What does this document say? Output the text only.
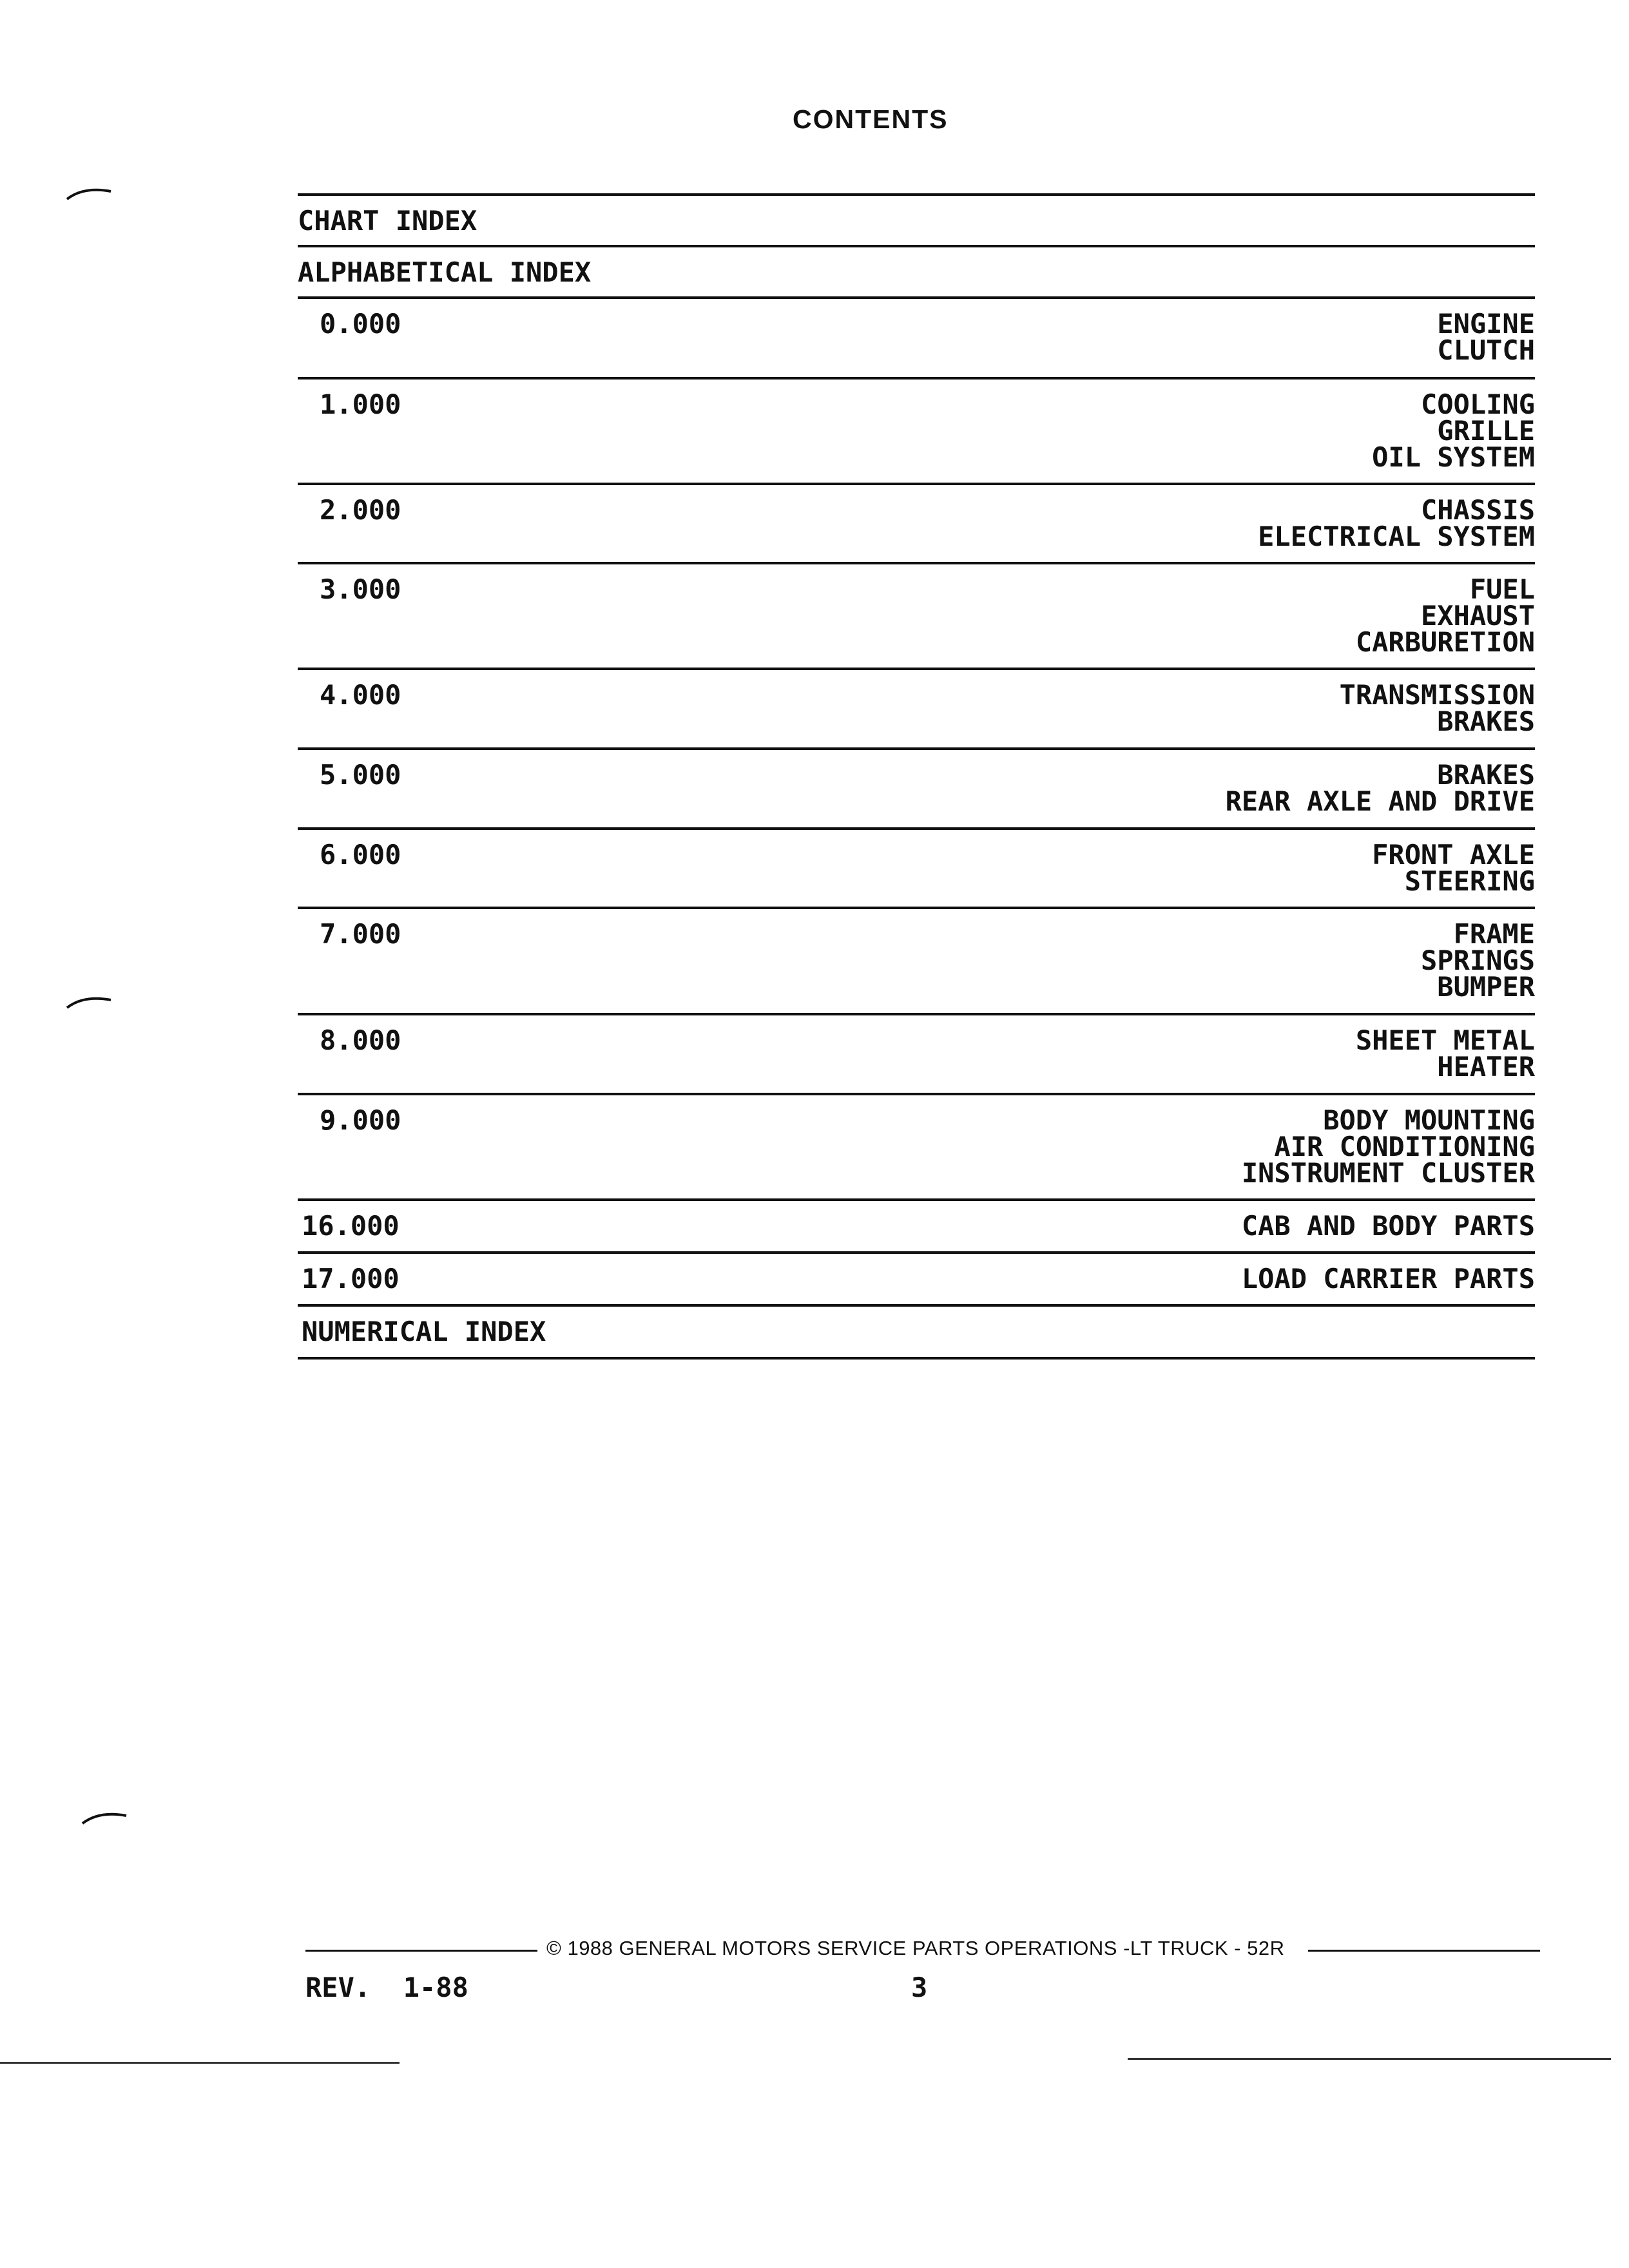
CONTENTS
CHART INDEX
ALPHABETICAL INDEX
0.000	ENGINE
CLUTCH
1.000	COOLING
GRILLE
OIL SYSTEM
2.000	CHASSIS
ELECTRICAL SYSTEM
3.000	FUEL
EXHAUST
CARBURETION
4.000	TRANSMISSION
BRAKES
5.000	BRAKES
REAR AXLE AND DRIVE
6.000	FRONT AXLE
STEERING
7.000	FRAME
SPRINGS
BUMPER
8.000	SHEET METAL
HEATER
9.000	BODY MOUNTING
AIR CONDITIONING
INSTRUMENT CLUSTER
16.000	CAB AND BODY PARTS
17.000	LOAD CARRIER PARTS
NUMERICAL INDEX
© 1988 GENERAL MOTORS SERVICE PARTS OPERATIONS -LT TRUCK - 52R
REV.  1-88	3
